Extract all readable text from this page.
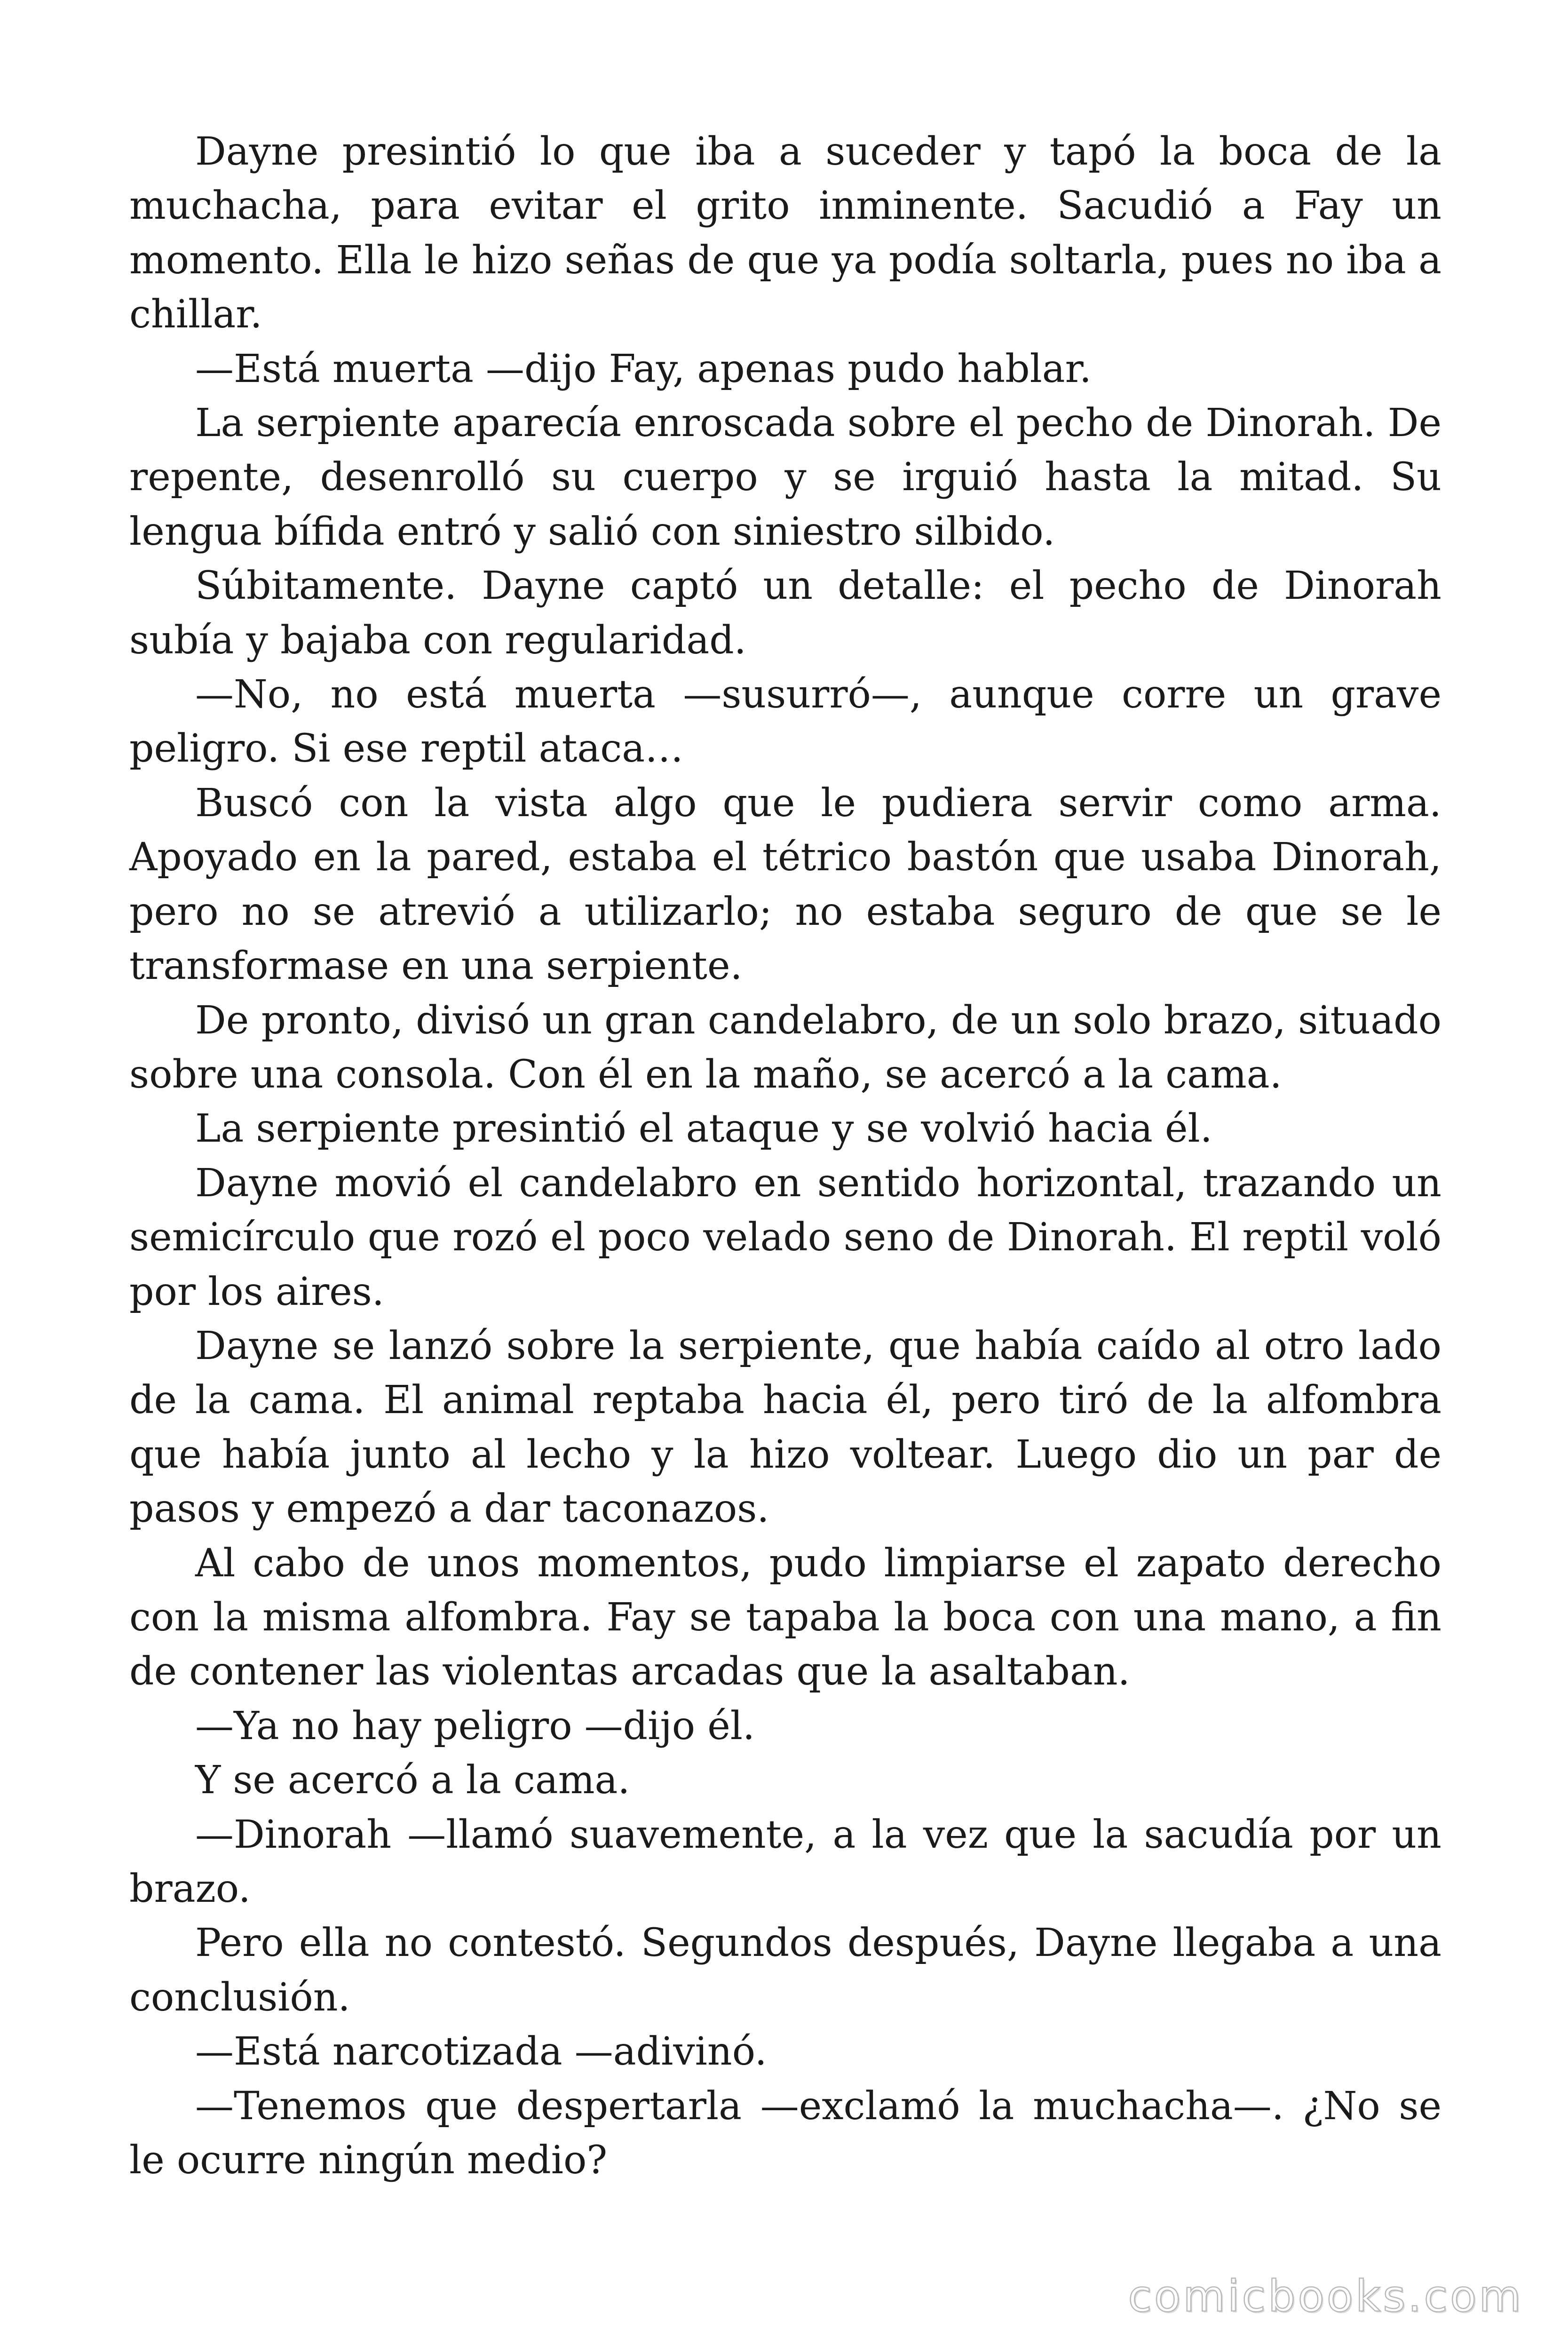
Dayne presintió lo que iba a suceder y tapó la boca de la muchacha, para evitar el grito inminente. Sacudió a Fay un momento. Ella le hizo señas de que ya podía soltarla, pues no iba a chillar.

—Está muerta —dijo Fay, apenas pudo hablar.

La serpiente aparecía enroscada sobre el pecho de Dinorah. De repente, desenrolló su cuerpo y se irguió hasta la mitad. Su lengua bífida entró y salió con siniestro silbido.

Súbitamente. Dayne captó un detalle: el pecho de Dinorah subía y bajaba con regularidad.

—No, no está muerta —susurró—, aunque corre un grave peligro. Si ese reptil ataca…

Buscó con la vista algo que le pudiera servir como arma. Apoyado en la pared, estaba el tétrico bastón que usaba Dinorah, pero no se atrevió a utilizarlo; no estaba seguro de que se le transformase en una serpiente.

De pronto, divisó un gran candelabro, de un solo brazo, situado sobre una consola. Con él en la maño, se acercó a la cama.

La serpiente presintió el ataque y se volvió hacia él.

Dayne movió el candelabro en sentido horizontal, trazando un semicírculo que rozó el poco velado seno de Dinorah. El reptil voló por los aires.

Dayne se lanzó sobre la serpiente, que había caído al otro lado de la cama. El animal reptaba hacia él, pero tiró de la alfombra que había junto al lecho y la hizo voltear. Luego dio un par de pasos y empezó a dar taconazos.

Al cabo de unos momentos, pudo limpiarse el zapato derecho con la misma alfombra. Fay se tapaba la boca con una mano, a fin de contener las violentas arcadas que la asaltaban.

—Ya no hay peligro —dijo él.

Y se acercó a la cama.

—Dinorah —llamó suavemente, a la vez que la sacudía por un brazo.

Pero ella no contestó. Segundos después, Dayne llegaba a una conclusión.

—Está narcotizada —adivinó.

—Tenemos que despertarla —exclamó la muchacha—. ¿No se le ocurre ningún medio?

comicbooks.com
